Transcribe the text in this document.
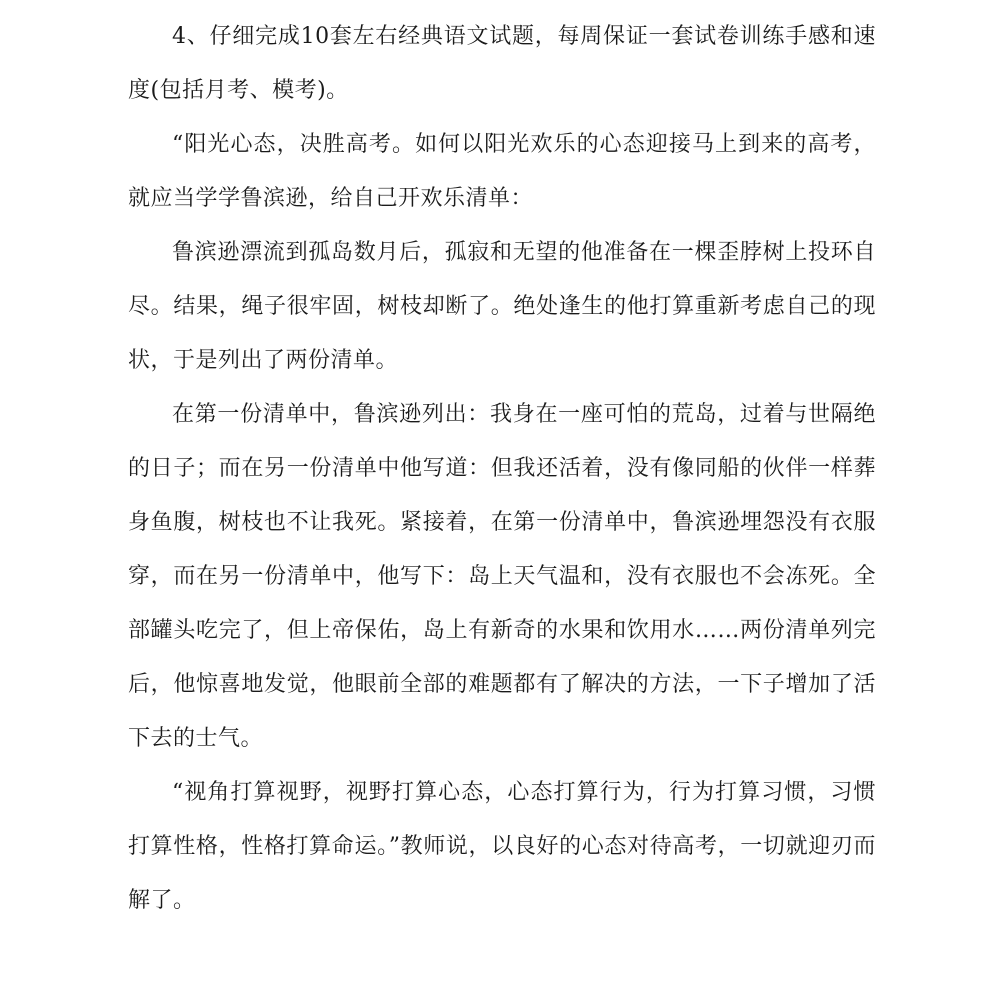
4、仔细完成10套左右经典语文试题，每周保证一套试卷训练手感和速度(包括月考、模考)。

“阳光心态，决胜高考。如何以阳光欢乐的心态迎接马上到来的高考，就应当学学鲁滨逊，给自己开欢乐清单：

鲁滨逊漂流到孤岛数月后，孤寂和无望的他准备在一棵歪脖树上投环自尽。结果，绳子很牢固，树枝却断了。绝处逢生的他打算重新考虑自己的现状，于是列出了两份清单。

在第一份清单中，鲁滨逊列出：我身在一座可怕的荒岛，过着与世隔绝的日子；而在另一份清单中他写道：但我还活着，没有像同船的伙伴一样葬身鱼腹，树枝也不让我死。紧接着，在第一份清单中，鲁滨逊埋怨没有衣服穿，而在另一份清单中，他写下：岛上天气温和，没有衣服也不会冻死。全部罐头吃完了，但上帝保佑，岛上有新奇的水果和饮用水……两份清单列完后，他惊喜地发觉，他眼前全部的难题都有了解决的方法，一下子增加了活下去的士气。

“视角打算视野，视野打算心态，心态打算行为，行为打算习惯，习惯打算性格，性格打算命运。”教师说，以良好的心态对待高考，一切就迎刃而解了。
